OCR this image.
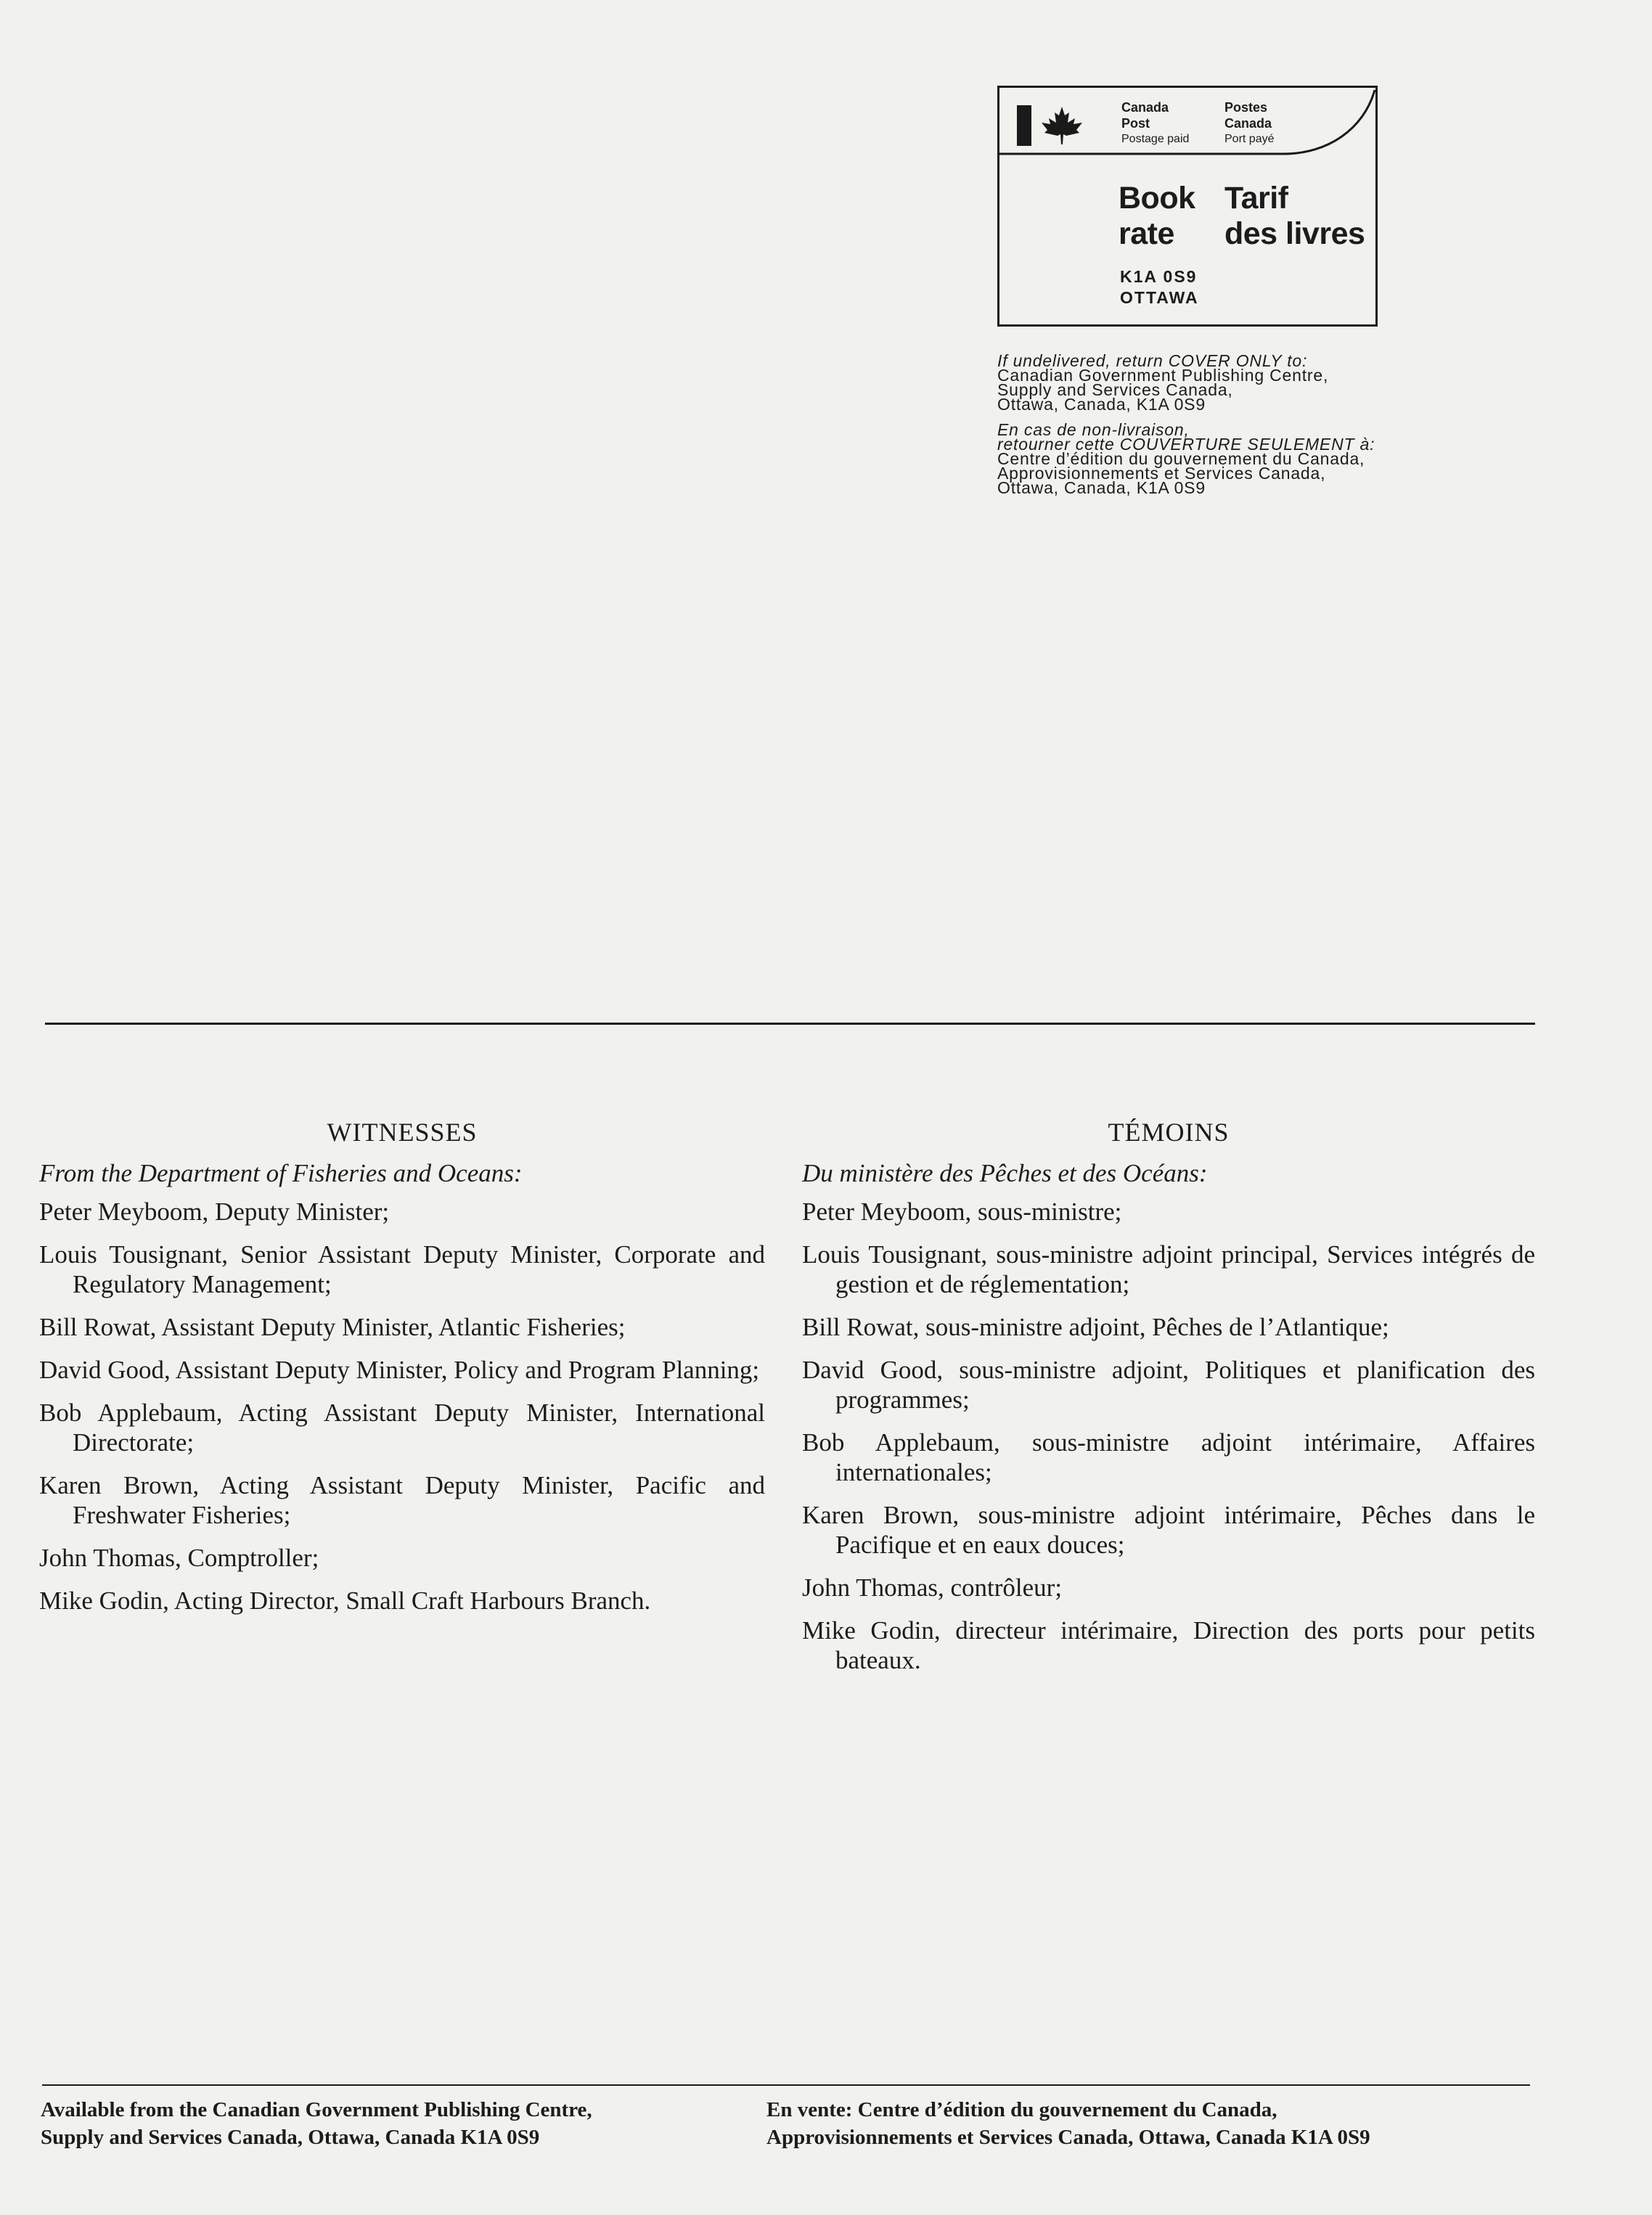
Canada
Post
Postage paid
Postes
Canada
Port payé
Book
rate
Tarif
des livres
K1A 0S9
OTTAWA

If undelivered, return COVER ONLY to:

Canadian Government Publishing Centre,

Supply and Services Canada,

Ottawa, Canada, K1A 0S9

En cas de non-livraison,

retourner cette COUVERTURE SEULEMENT à:

Centre d’édition du gouvernement du Canada,

Approvisionnements et Services Canada,

Ottawa, Canada, K1A 0S9

WITNESSES
From the Department of Fisheries and Oceans:

Peter Meyboom, Deputy Minister;

Louis Tousignant, Senior Assistant Deputy Minister, Corporate and Regulatory Management;

Bill Rowat, Assistant Deputy Minister, Atlantic Fisheries;

David Good, Assistant Deputy Minister, Policy and Program Planning;

Bob Applebaum, Acting Assistant Deputy Minister, International Directorate;

Karen Brown, Acting Assistant Deputy Minister, Pacific and Freshwater Fisheries;

John Thomas, Comptroller;

Mike Godin, Acting Director, Small Craft Harbours Branch.

TÉMOINS
Du ministère des Pêches et des Océans:

Peter Meyboom, sous-ministre;

Louis Tousignant, sous-ministre adjoint principal, Services intégrés de gestion et de réglementation;

Bill Rowat, sous-ministre adjoint, Pêches de l’Atlantique;

David Good, sous-ministre adjoint, Politiques et planification des programmes;

Bob Applebaum, sous-ministre adjoint intérimaire, Affaires internationales;

Karen Brown, sous-ministre adjoint intérimaire, Pêches dans le Pacifique et en eaux douces;

John Thomas, contrôleur;

Mike Godin, directeur intérimaire, Direction des ports pour petits bateaux.

Available from the Canadian Government Publishing Centre,
Supply and Services Canada, Ottawa, Canada K1A 0S9
En vente: Centre d’édition du gouvernement du Canada,
Approvisionnements et Services Canada, Ottawa, Canada K1A 0S9
